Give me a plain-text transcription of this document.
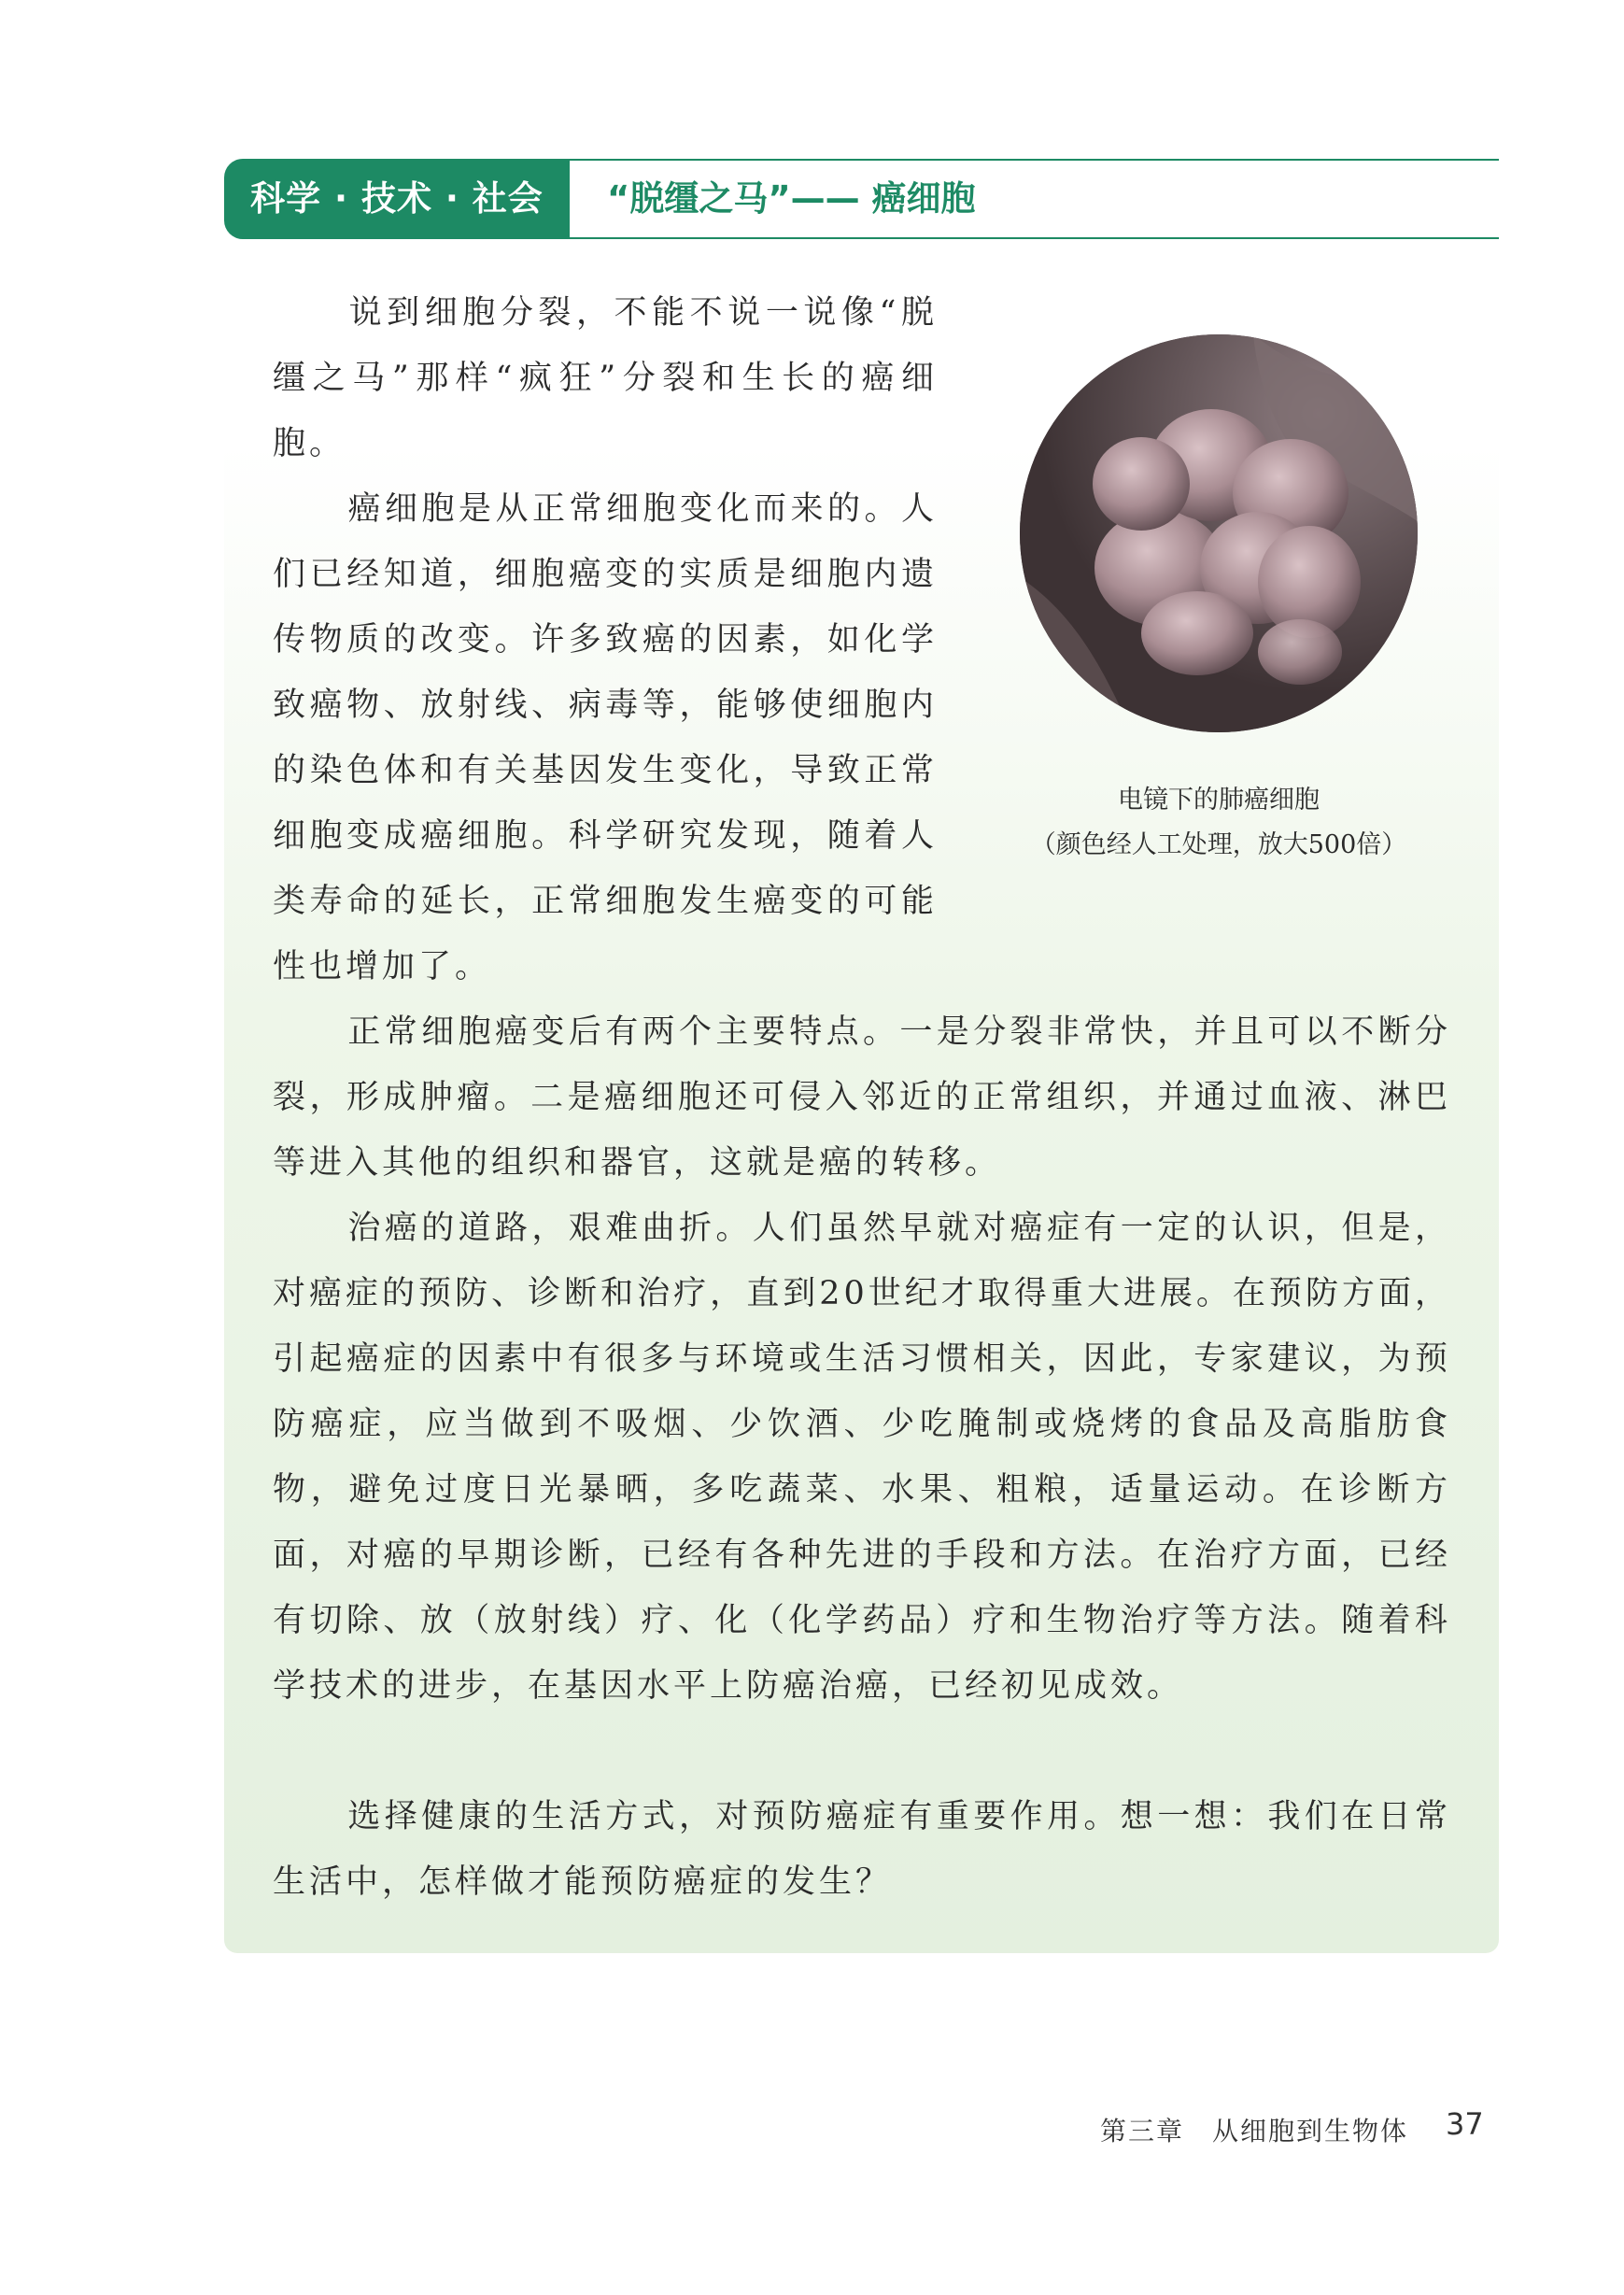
科学 · 技术 · 社会	“脱缰之马”—— 癌细胞

说到细胞分裂，不能不说一说像“脱缰之马”那样“疯狂”分裂和生长的癌细胞。

癌细胞是从正常细胞变化而来的。人们已经知道，细胞癌变的实质是细胞内遗传物质的改变。许多致癌的因素，如化学致癌物、放射线、病毒等，能够使细胞内的染色体和有关基因发生变化，导致正常细胞变成癌细胞。科学研究发现，随着人类寿命的延长，正常细胞发生癌变的可能性也增加了。

正常细胞癌变后有两个主要特点。一是分裂非常快，并且可以不断分裂，形成肿瘤。二是癌细胞还可侵入邻近的正常组织，并通过血液、淋巴等进入其他的组织和器官，这就是癌的转移。

治癌的道路，艰难曲折。人们虽然早就对癌症有一定的认识，但是，对癌症的预防、诊断和治疗，直到20世纪才取得重大进展。在预防方面，引起癌症的因素中有很多与环境或生活习惯相关，因此，专家建议，为预防癌症，应当做到不吸烟、少饮酒、少吃腌制或烧烤的食品及高脂肪食物，避免过度日光暴晒，多吃蔬菜、水果、粗粮，适量运动。在诊断方面，对癌的早期诊断，已经有各种先进的手段和方法。在治疗方面，已经有切除、放（放射线）疗、化（化学药品）疗和生物治疗等方法。随着科学技术的进步，在基因水平上防癌治癌，已经初见成效。

选择健康的生活方式，对预防癌症有重要作用。想一想：我们在日常生活中，怎样做才能预防癌症的发生？

电镜下的肺癌细胞
（颜色经人工处理，放大500倍）
第三章　从细胞到生物体 37
